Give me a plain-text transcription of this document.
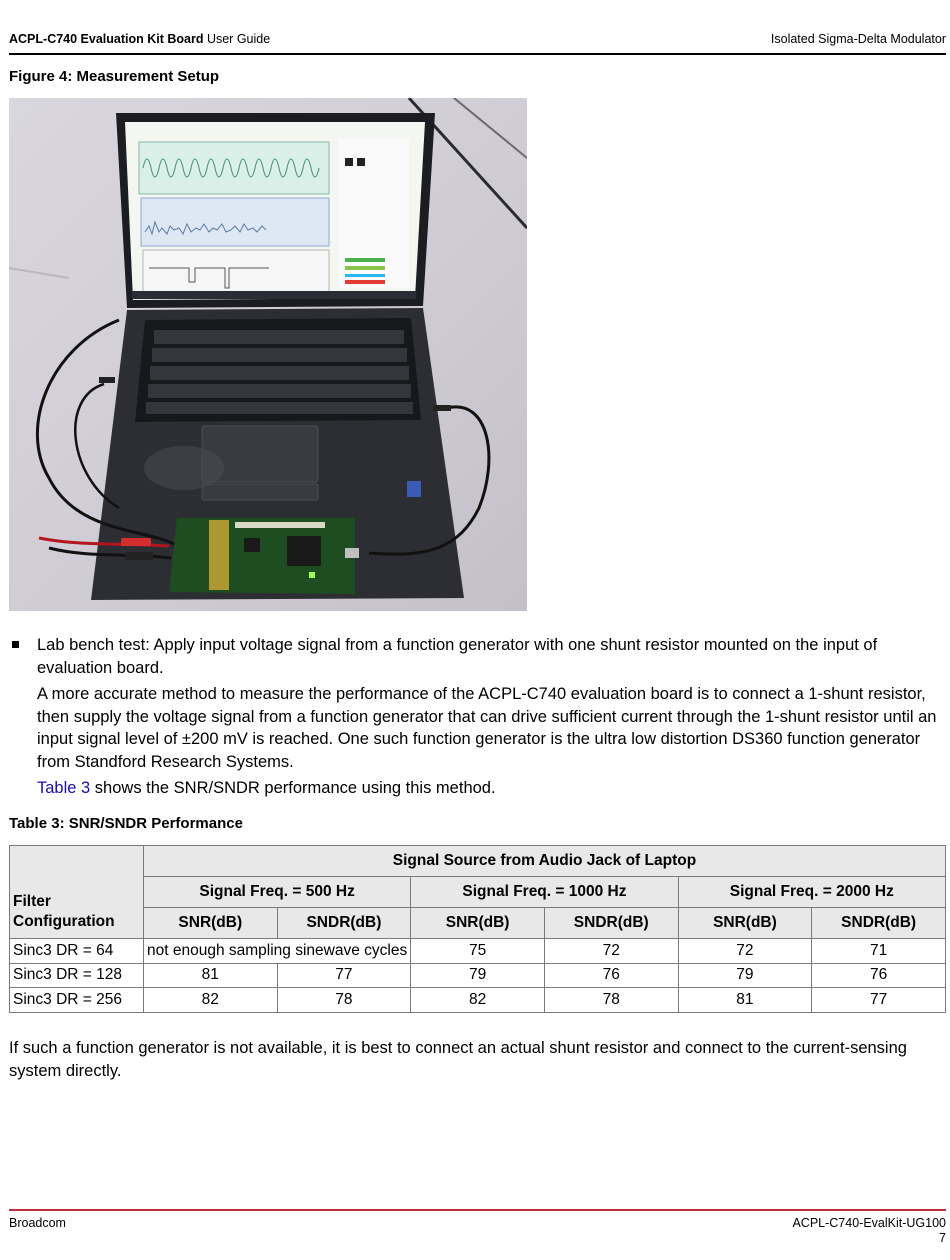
ACPL-C740 Evaluation Kit Board User Guide	Isolated Sigma-Delta Modulator
Figure 4: Measurement Setup
Lab bench test: Apply input voltage signal from a function generator with one shunt resistor mounted on the input of evaluation board.

A more accurate method to measure the performance of the ACPL-C740 evaluation board is to connect a 1-shunt resistor, then supply the voltage signal from a function generator that can drive sufficient current through the 1-shunt resistor until an input signal level of ±200 mV is reached. One such function generator is the ultra low distortion DS360 function generator from Standford Research Systems.

Table 3 shows the SNR/SNDR performance using this method.

Table 3: SNR/SNDR Performance
Filter Configuration	Signal Source from Audio Jack of Laptop					
	Signal Freq. = 500 Hz		Signal Freq. = 1000 Hz		Signal Freq. = 2000 Hz	
	SNR(dB)	SNDR(dB)	SNR(dB)	SNDR(dB)	SNR(dB)	SNDR(dB)
Sinc3 DR = 64	not enough sampling sinewave cycles		75	72	72	71
Sinc3 DR = 128	81	77	79	76	79	76
Sinc3 DR = 256	82	78	82	78	81	77

If such a function generator is not available, it is best to connect an actual shunt resistor and connect to the current-sensing system directly.

Broadcom	ACPL-C740-EvalKit-UG100
7
